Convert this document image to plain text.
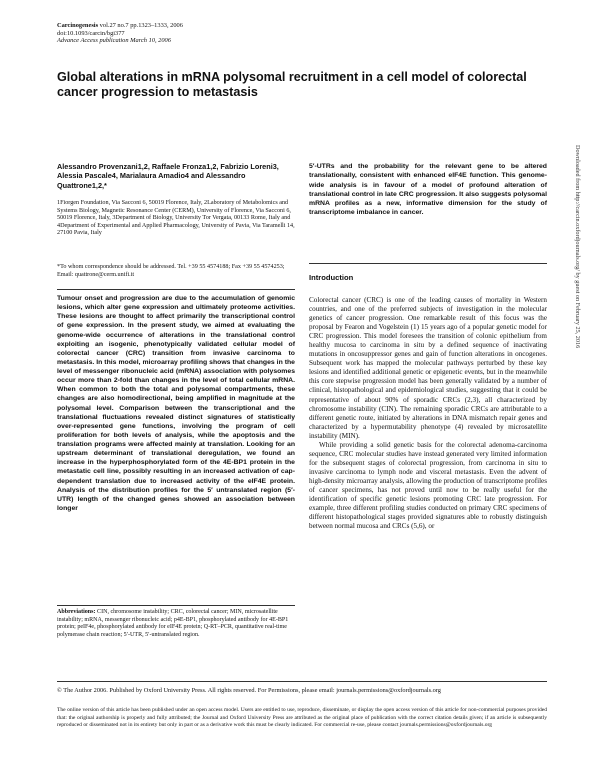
Carcinogenesis vol.27 no.7 pp.1323–1333, 2006
doi:10.1093/carcin/bgi377
Advance Access publication March 10, 2006
Global alterations in mRNA polysomal recruitment in a cell model of colorectal cancer progression to metastasis
Alessandro Provenzani1,2, Raffaele Fronza1,2, Fabrizio Loreni3, Alessia Pascale4, Marialaura Amadio4 and Alessandro Quattrone1,2,*
1Fiorgen Foundation, Via Sacconi 6, 50019 Florence, Italy, 2Laboratory of Metabolomics and Systems Biology, Magnetic Resonance Center (CERM), University of Florence, Via Sacconi 6, 50019 Florence, Italy, 3Department of Biology, University Tor Vergata, 00133 Rome, Italy and 4Department of Experimental and Applied Pharmacology, University of Pavia, Via Taramelli 14, 27100 Pavia, Italy
*To whom correspondence should be addressed. Tel. +39 55 4574188; Fax +39 55 4574253; Email: quattrone@cerm.unifi.it
Tumour onset and progression are due to the accumulation of genomic lesions, which alter gene expression and ultimately proteome activities. These lesions are thought to affect primarily the transcriptional control of gene expression. In the present study, we aimed at evaluating the genome-wide occurrence of alterations in the translational control exploiting an isogenic, phenotypically validated cellular model of colorectal cancer (CRC) transition from invasive carcinoma to metastasis. In this model, microarray profiling shows that changes in the level of messenger ribonucleic acid (mRNA) association with polysomes occur more than 2-fold than changes in the level of total cellular mRNA. When common to both the total and polysomal compartments, these changes are also homodirectional, being amplified in magnitude at the polysomal level. Comparison between the transcriptional and the translational fluctuations revealed distinct signatures of statistically over-represented gene functions, involving the program of cell proliferation for both levels of analysis, while the apoptosis and the translation programs were affected mainly at translation. Looking for an upstream determinant of translational deregulation, we found an increase in the hyperphosphorylated form of the 4E-BP1 protein in the metastatic cell line, possibly resulting in an increased activation of cap-dependent translation due to increased activity of the eIF4E protein. Analysis of the distribution profiles for the 5′ untranslated region (5′-UTR) length of the changed genes showed an association between longer
Abbreviations: CIN, chromosome instability; CRC, colorectal cancer; MIN, microsatellite instability; mRNA, messenger ribonucleic acid; p4E-BP1, phosphorylated antibody for 4E-BP1 protein; peIF4e, phosphorylated antibody for eIF4E protein; Q-RT–PCR, quantitative real-time polymerase chain reaction; 5′-UTR, 5′-untranslated region.
5′-UTRs and the probability for the relevant gene to be altered translationally, consistent with enhanced eIF4E function. This genome-wide analysis is in favour of a model of profound alteration of translational control in late CRC progression. It also suggests polysomal mRNA profiles as a new, informative dimension for the study of transcriptome imbalance in cancer.
Introduction

Colorectal cancer (CRC) is one of the leading causes of mortality in Western countries, and one of the preferred subjects of investigation in the molecular genetics of cancer progression. One remarkable result of this focus was the proposal by Fearon and Vogelstein (1) 15 years ago of a popular genetic model for CRC progression. This model foresees the transition of colonic epithelium from healthy mucosa to carcinoma in situ by a defined sequence of inactivating mutations in oncosuppressor genes and gain of function alterations in oncogenes. Subsequent work has mapped the molecular pathways perturbed by these key lesions and identified additional genetic or epigenetic events, but in the meanwhile this core stepwise progression model has been generally validated by a number of clinical, histopathological and epidemiological studies, suggesting that it could be representative of about 90% of sporadic CRCs (2,3), all characterized by chromosome instability (CIN). The remaining sporadic CRCs are attributable to a different genetic route, initiated by alterations in DNA mismatch repair genes and characterized by a hypermutability phenotype (4) revealed by microsatellite instability (MIN).

While providing a solid genetic basis for the colorectal adenoma-carcinoma sequence, CRC molecular studies have instead generated very limited information for the subsequent stages of colorectal progression, from carcinoma in situ to invasive carcinoma to lymph node and visceral metastasis. Even the advent of high-density microarray analysis, allowing the production of transcriptome profiles of cancer specimens, has not proved until now to be really useful for the identification of specific genetic lesions promoting CRC late progression. For example, three different profiling studies conducted on primary CRC specimens of different histopathological stages provided signatures able to robustly distinguish between normal mucosa and CRCs (5,6), or

© The Author 2006. Published by Oxford University Press. All rights reserved. For Permissions, please email: journals.permissions@oxfordjournals.org
The online version of this article has been published under an open access model. Users are entitled to use, reproduce, disseminate, or display the open access version of this article for non-commercial purposes provided that: the original authorship is properly and fully attributed; the Journal and Oxford University Press are attributed as the original place of publication with the correct citation details given; if an article is subsequently reproduced or disseminated not in its entirety but only in part or as a derivative work this must be clearly indicated. For commercial re-use, please contact journals.permissions@oxfordjournals.org
Downloaded from http://carcin.oxfordjournals.org/ by guest on February 25, 2016
